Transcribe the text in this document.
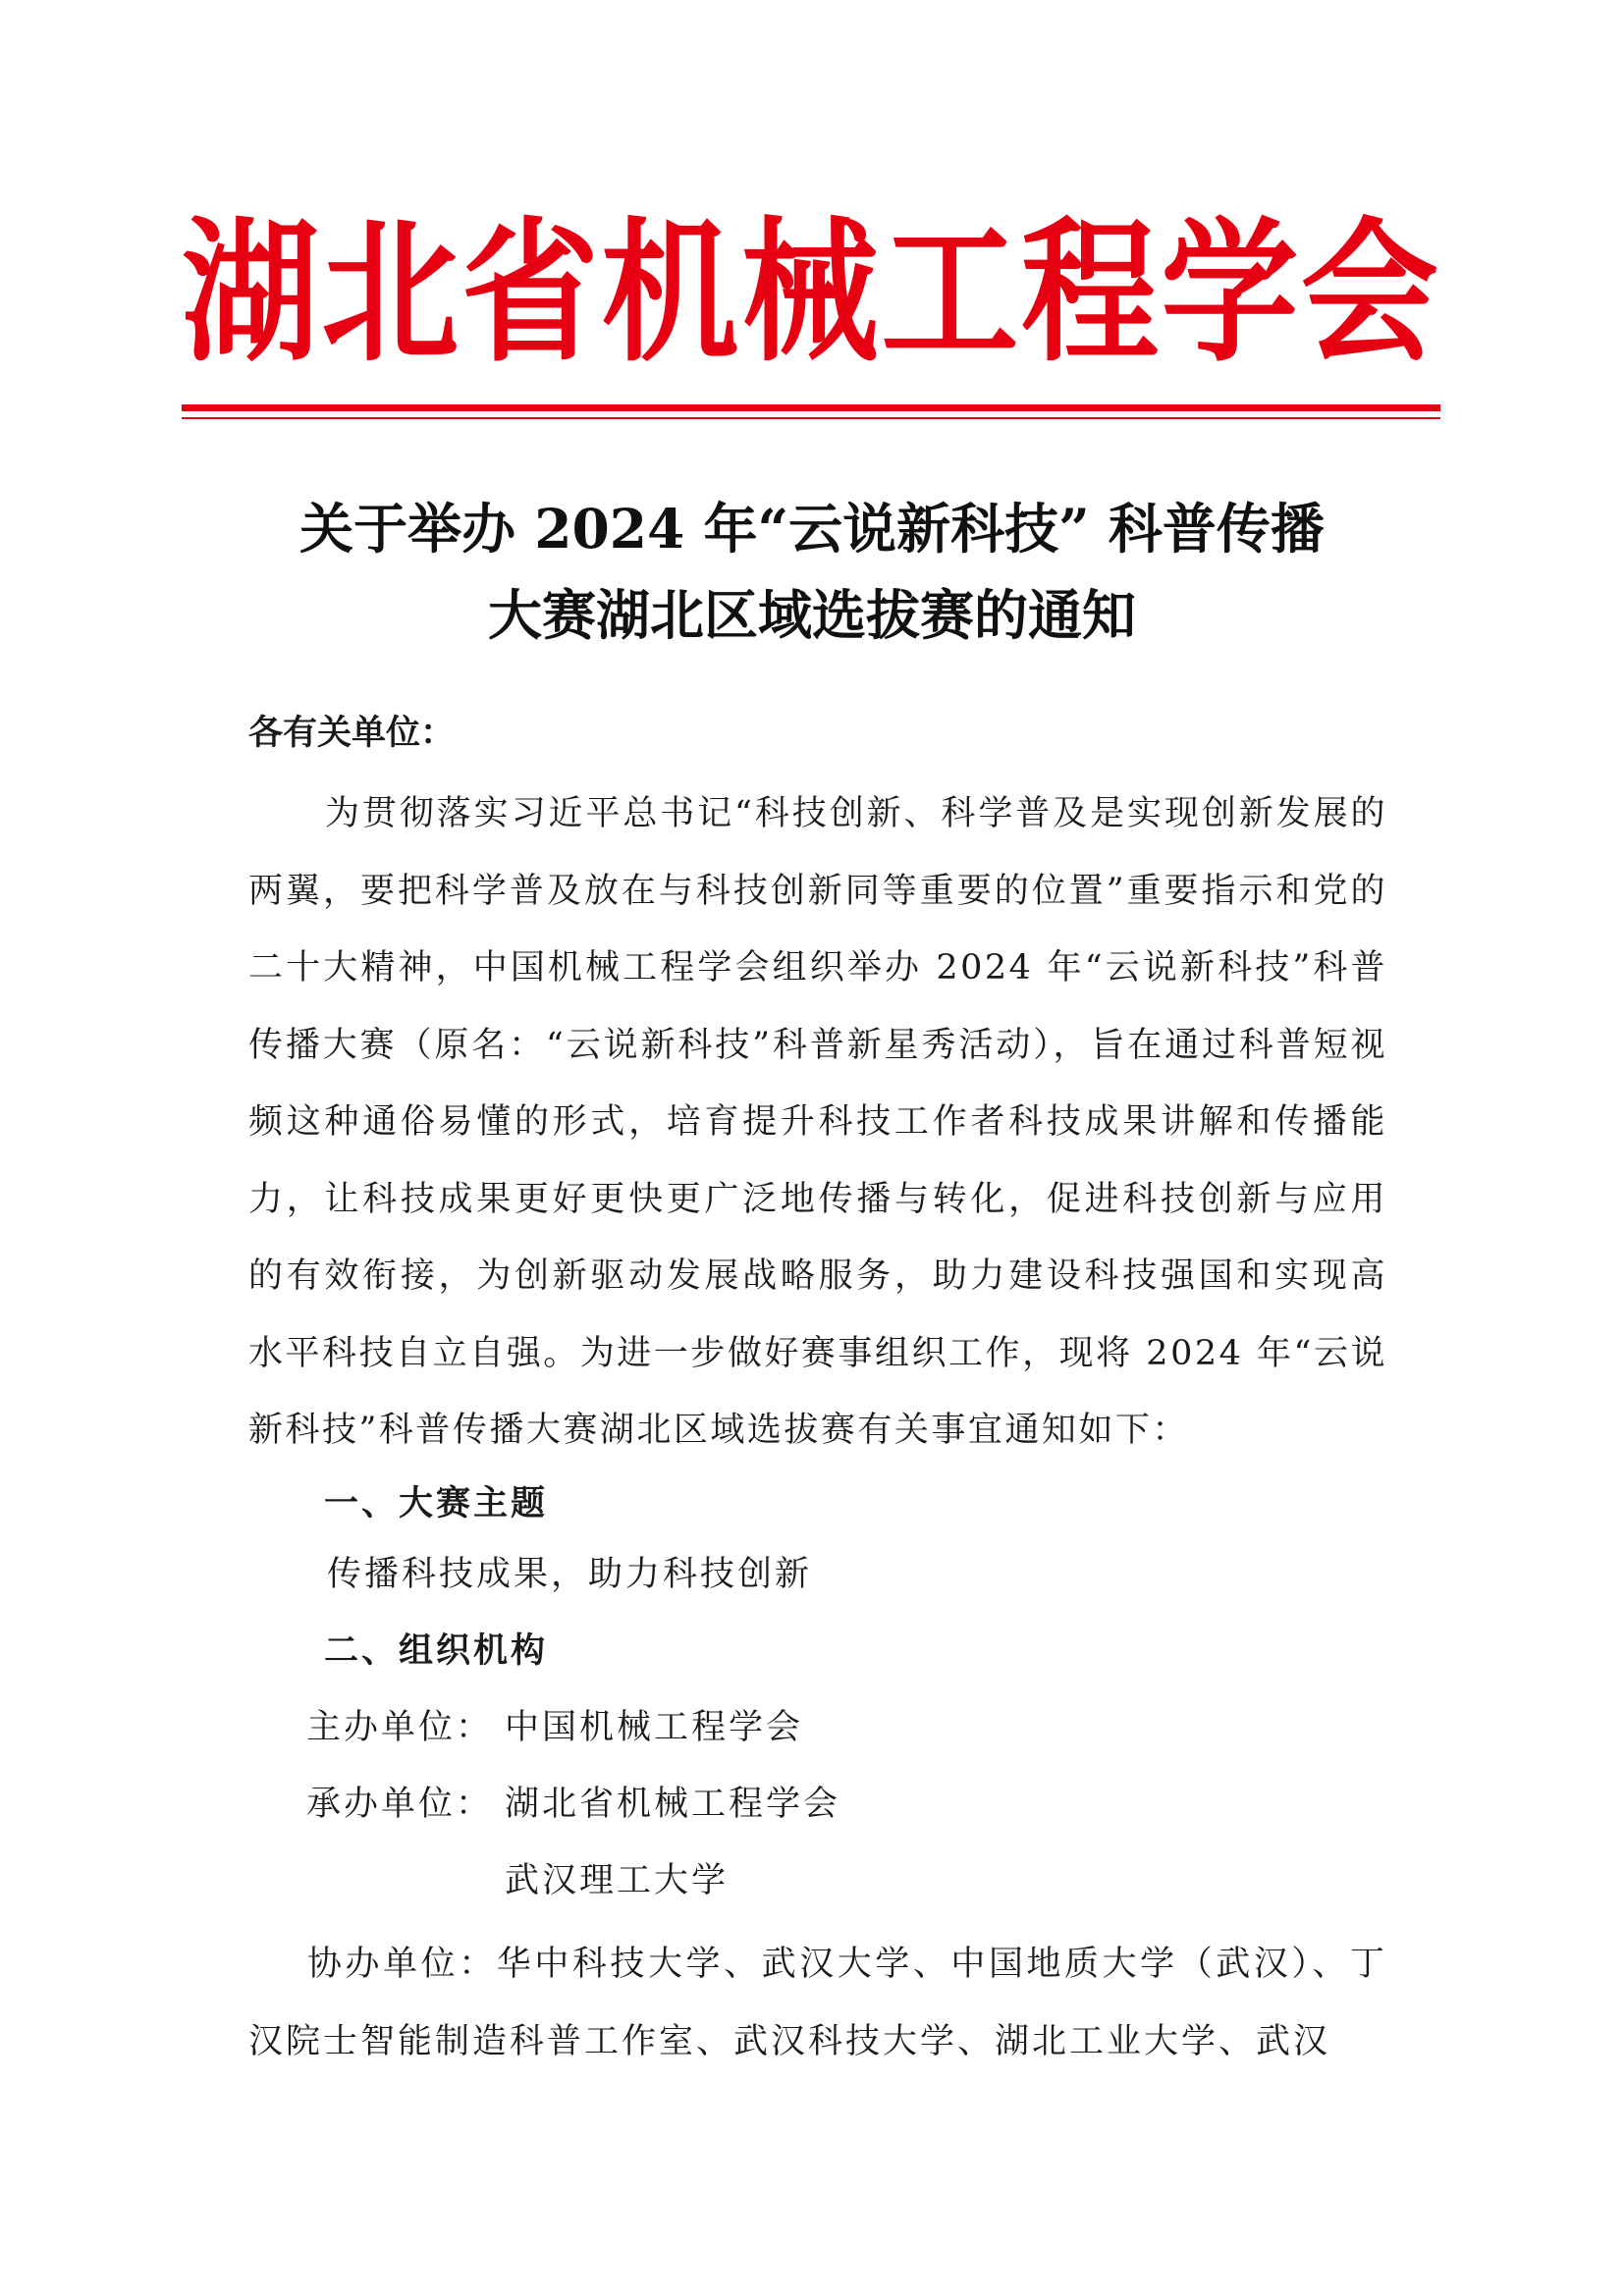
湖 北 省 机 械 工 程 学 会
关于举办 2024 年“云说新科技” 科普传播
大赛湖北区域选拔赛的通知
各有关单位：
为贯彻落实习近平总书记“科技创新、科学普及是实现创新发展的两翼，要把科学普及放在与科技创新同等重要的位置”重要指示和党的二十大精神，中国机械工程学会组织举办 2024 年“云说新科技”科普传播大赛（原名：“云说新科技”科普新星秀活动），旨在通过科普短视频这种通俗易懂的形式，培育提升科技工作者科技成果讲解和传播能力，让科技成果更好更快更广泛地传播与转化，促进科技创新与应用的有效衔接，为创新驱动发展战略服务，助力建设科技强国和实现高水平科技自立自强。为进一步做好赛事组织工作，现将 2024 年“云说新科技”科普传播大赛湖北区域选拔赛有关事宜通知如下：
一、大赛主题
传播科技成果，助力科技创新
二、组织机构
主办单位： 中国机械工程学会
承办单位： 湖北省机械工程学会
武汉理工大学
协办单位：华中科技大学、武汉大学、中国地质大学（武汉）、丁汉院士智能制造科普工作室、武汉科技大学、湖北工业大学、武汉
